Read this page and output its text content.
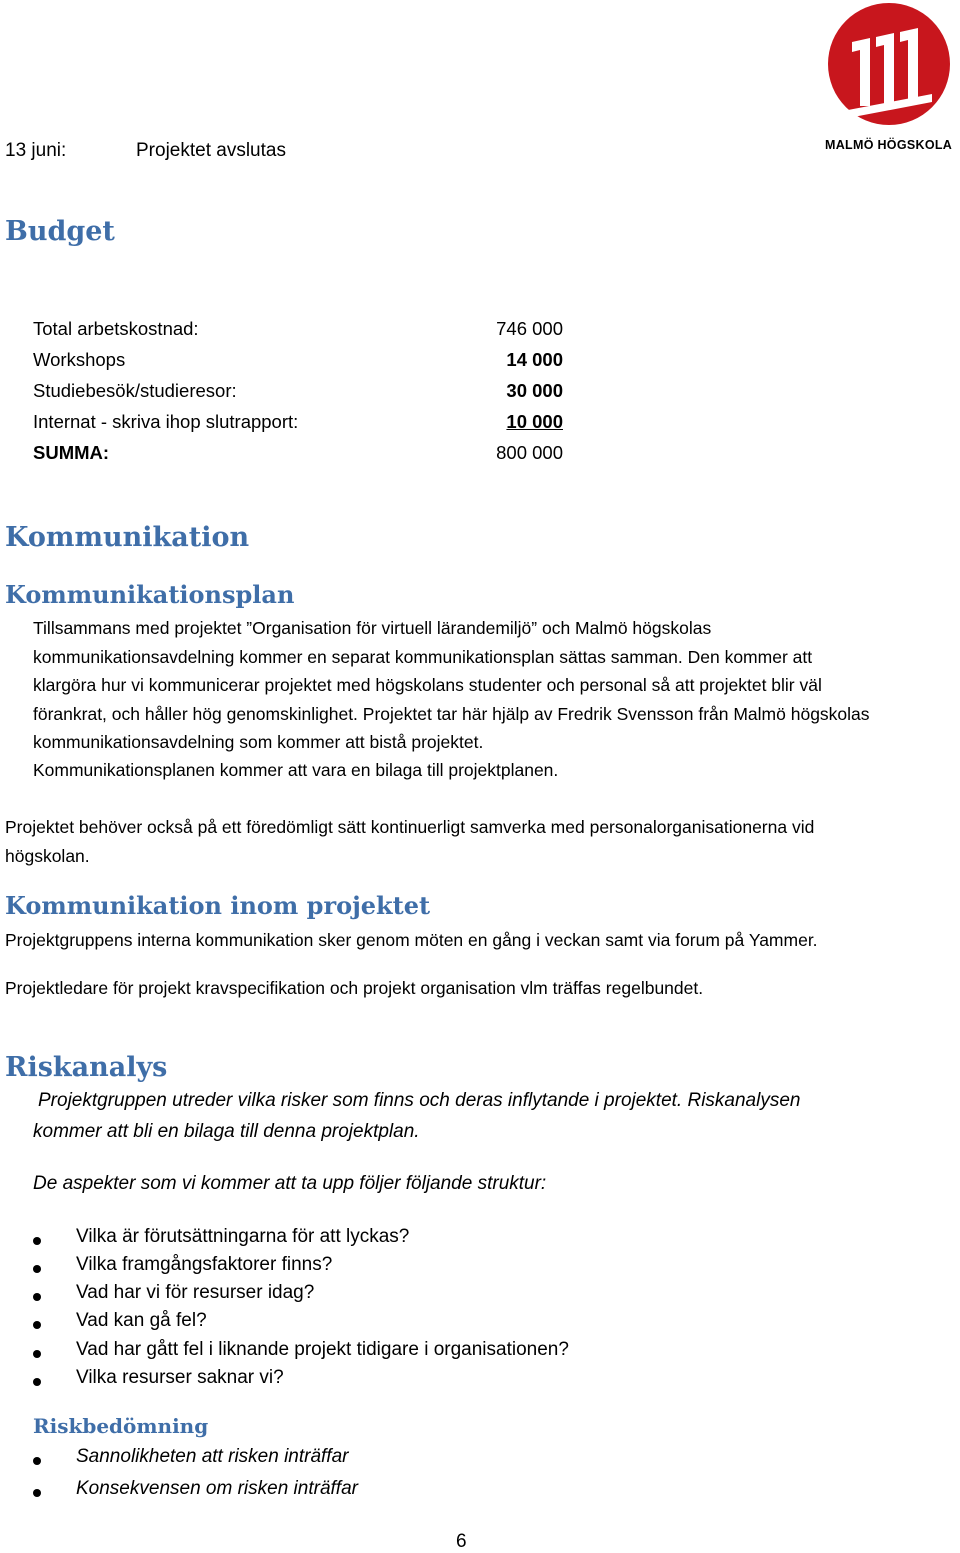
MALMÖ HÖGSKOLA
13 juni:	Projektet avslutas
Budget
Total arbetskostnad:	746 000
Workshops	14 000
Studiebesök/studieresor:	30 000
Internat - skriva ihop slutrapport:	10 000
SUMMA:	800 000
Kommunikation
Kommunikationsplan
Tillsammans med projektet ”Organisation för virtuell lärandemiljö” och Malmö högskolas
kommunikationsavdelning kommer en separat kommunikationsplan sättas samman. Den kommer att
klargöra hur vi kommunicerar projektet med högskolans studenter och personal så att projektet blir väl
förankrat, och håller hög genomskinlighet. Projektet tar här hjälp av Fredrik Svensson från Malmö högskolas
kommunikationsavdelning som kommer att bistå projektet.
Kommunikationsplanen kommer att vara en bilaga till projektplanen.
Projektet behöver också på ett föredömligt sätt kontinuerligt samverka med personalorganisationerna vid
högskolan.
Kommunikation inom projektet
Projektgruppens interna kommunikation sker genom möten en gång i veckan samt via forum på Yammer.
Projektledare för projekt kravspecifikation och projekt organisation vlm träffas regelbundet.
Riskanalys
Projektgruppen utreder vilka risker som finns och deras inflytande i projektet. Riskanalysen
kommer att bli en bilaga till denna projektplan.
De aspekter som vi kommer att ta upp följer följande struktur:
Vilka är förutsättningarna för att lyckas?
Vilka framgångsfaktorer finns?
Vad har vi för resurser idag?
Vad kan gå fel?
Vad har gått fel i liknande projekt tidigare i organisationen?
Vilka resurser saknar vi?
Riskbedömning
Sannolikheten att risken inträffar
Konsekvensen om risken inträffar
6
